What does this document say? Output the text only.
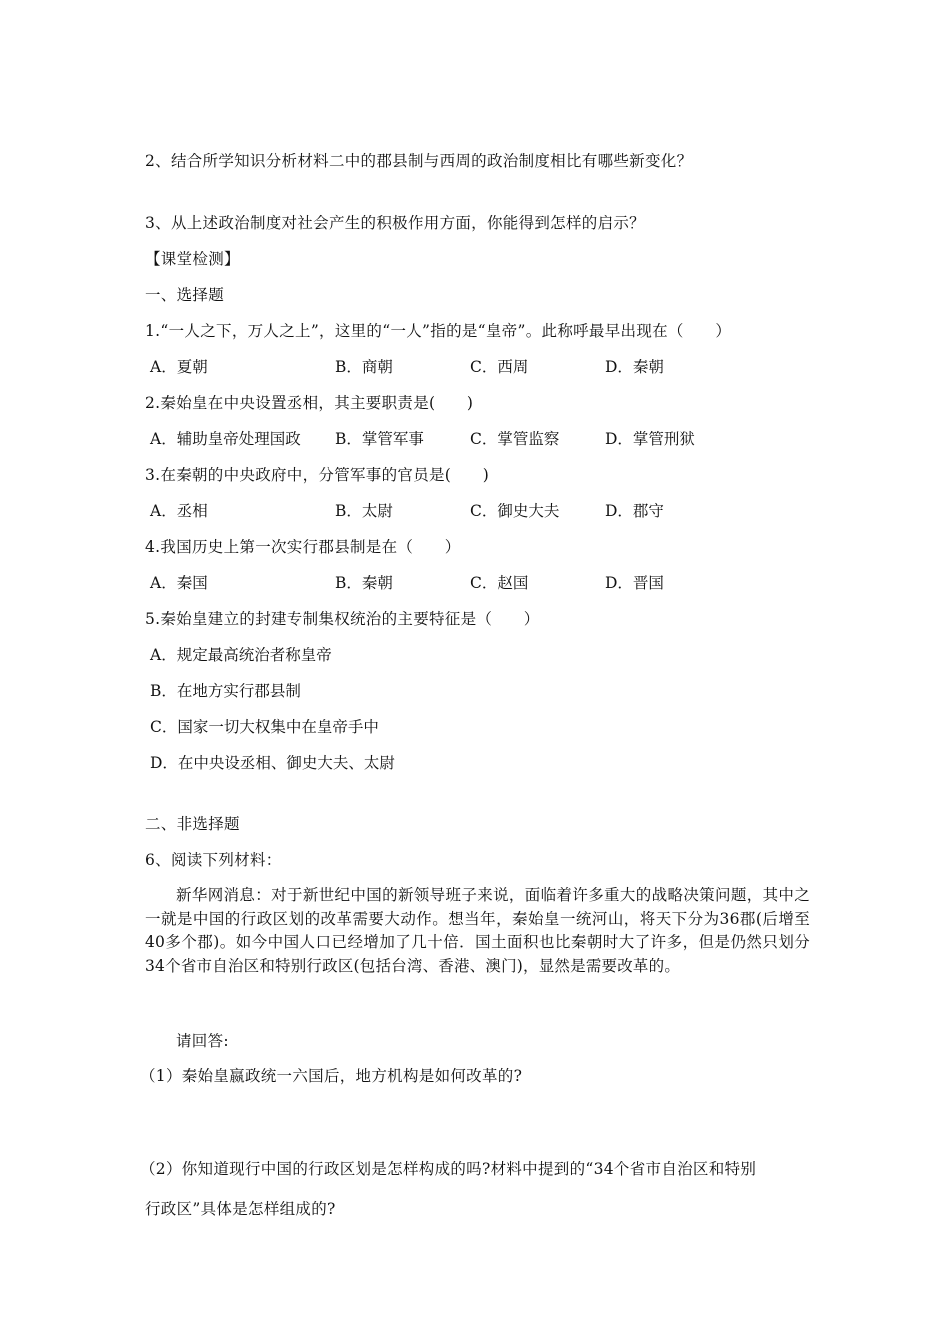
2、结合所学知识分析材料二中的郡县制与西周的政治制度相比有哪些新变化？
3、从上述政治制度对社会产生的积极作用方面，你能得到怎样的启示？
【课堂检测】
一、选择题
1.“一人之下，万人之上”，这里的“一人”指的是“皇帝”。此称呼最早出现在（　　）
A．夏朝	B．商朝	C．西周	D．秦朝
2.秦始皇在中央设置丞相，其主要职责是(　　)
A．辅助皇帝处理国政 B．掌管军事	C．掌管监察	D．掌管刑狱
3.在秦朝的中央政府中，分管军事的官员是(　　)
A．丞相	B．太尉	C．御史大夫	D．郡守
4.我国历史上第一次实行郡县制是在（　　）
A．秦国	B．秦朝	C．赵国	D．晋国
5.秦始皇建立的封建专制集权统治的主要特征是（　　）
A．规定最高统治者称皇帝
B．在地方实行郡县制
C．国家一切大权集中在皇帝手中
D．在中央设丞相、御史大夫、太尉
二、非选择题
6、阅读下列材料：
新华网消息：对于新世纪中国的新领导班子来说，面临着许多重大的战略决策问题，其中之一就是中国的行政区划的改革需要大动作。想当年，秦始皇一统河山，将天下分为36郡(后增至40多个郡)。如今中国人口已经增加了几十倍．国土面积也比秦朝时大了许多，但是仍然只划分34个省市自治区和特别行政区(包括台湾、香港、澳门)，显然是需要改革的。
请回答:
（1）秦始皇嬴政统一六国后，地方机构是如何改革的?
（2）你知道现行中国的行政区划是怎样构成的吗?材料中提到的“34个省市自治区和特别
行政区”具体是怎样组成的?
